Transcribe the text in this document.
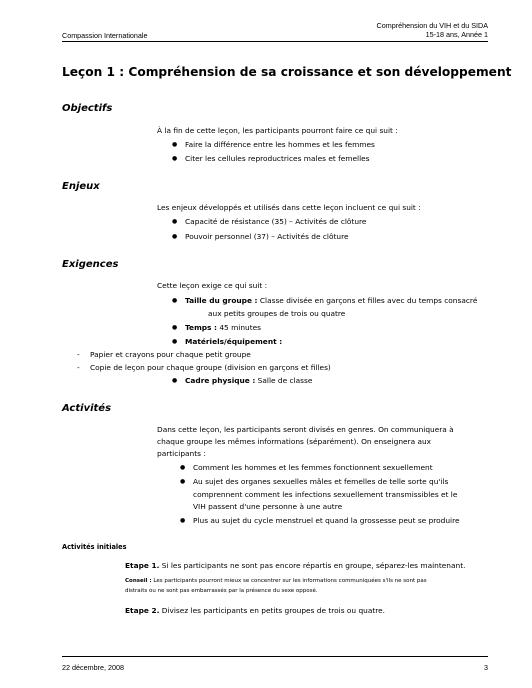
Compassion Internationale
Compréhension du VIH et du SIDA
15-18 ans, Année 1
Leçon 1 : Compréhension de sa croissance et son développement
Objectifs
À la fin de cette leçon, les participants pourront faire ce qui suit :
● Faire la différence entre les hommes et les femmes
● Citer les cellules reproductrices males et femelles
Enjeux
Les enjeux développés et utilisés dans cette leçon incluent ce qui suit :
● Capacité de résistance (35) – Activités de clôture
● Pouvoir personnel (37) – Activités de clôture
Exigences
Cette leçon exige ce qui suit :
● Taille du groupe : Classe divisée en garçons et filles avec du temps consacré
aux petits groupes de trois ou quatre
● Temps : 45 minutes
● Matériels/équipement :
- Papier et crayons pour chaque petit groupe
- Copie de leçon pour chaque groupe (division en garçons et filles)
● Cadre physique : Salle de classe
Activités
Dans cette leçon, les participants seront divisés en genres. On communiquera à chaque groupe les mêmes informations (séparément). On enseignera aux participants :
● Comment les hommes et les femmes fonctionnent sexuellement
● Au sujet des organes sexuelles mâles et femelles de telle sorte qu'ils
comprennent comment les infections sexuellement transmissibles et le
VIH passent d'une personne à une autre
● Plus au sujet du cycle menstruel et quand la grossesse peut se produire
Activités initiales
Etape 1. Si les participants ne sont pas encore répartis en groupe, séparez-les maintenant.
Conseil : Les participants pourront mieux se concentrer sur les informations communiquées s'ils ne sont pas
distraits ou ne sont pas embarrassés par la présence du sexe opposé.
Etape 2. Divisez les participants en petits groupes de trois ou quatre.
22 décembre, 2008	3
